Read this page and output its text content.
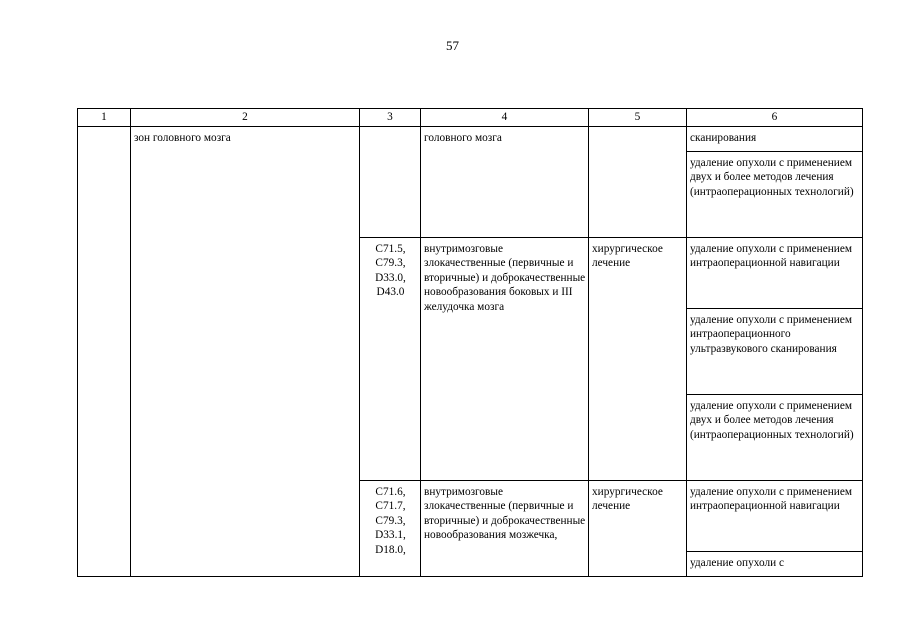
57
1	2	3	4	5	6
	зон головного мозга		головного мозга		сканирования
					удаление опухоли с применением двух и более методов лечения (интраоперационных технологий)

		C71.5,
C79.3,
D33.0,
D43.0	внутримозговые злокачественные (первичные и вторичные) и доброкачественные новообразования боковых и III желудочка мозга	хирургическое лечение	удаление опухоли с применением интраоперационной навигации
					удаление опухоли с применением интраоперационного ультразвукового сканирования
					удаление опухоли с применением двух и более методов лечения (интраоперационных технологий)

		C71.6,
C71.7,
C79.3,
D33.1,
D18.0,	внутримозговые злокачественные (первичные и вторичные) и доброкачественные новообразования мозжечка,	хирургическое лечение	удаление опухоли с применением интраоперационной навигации
					удаление опухоли с
